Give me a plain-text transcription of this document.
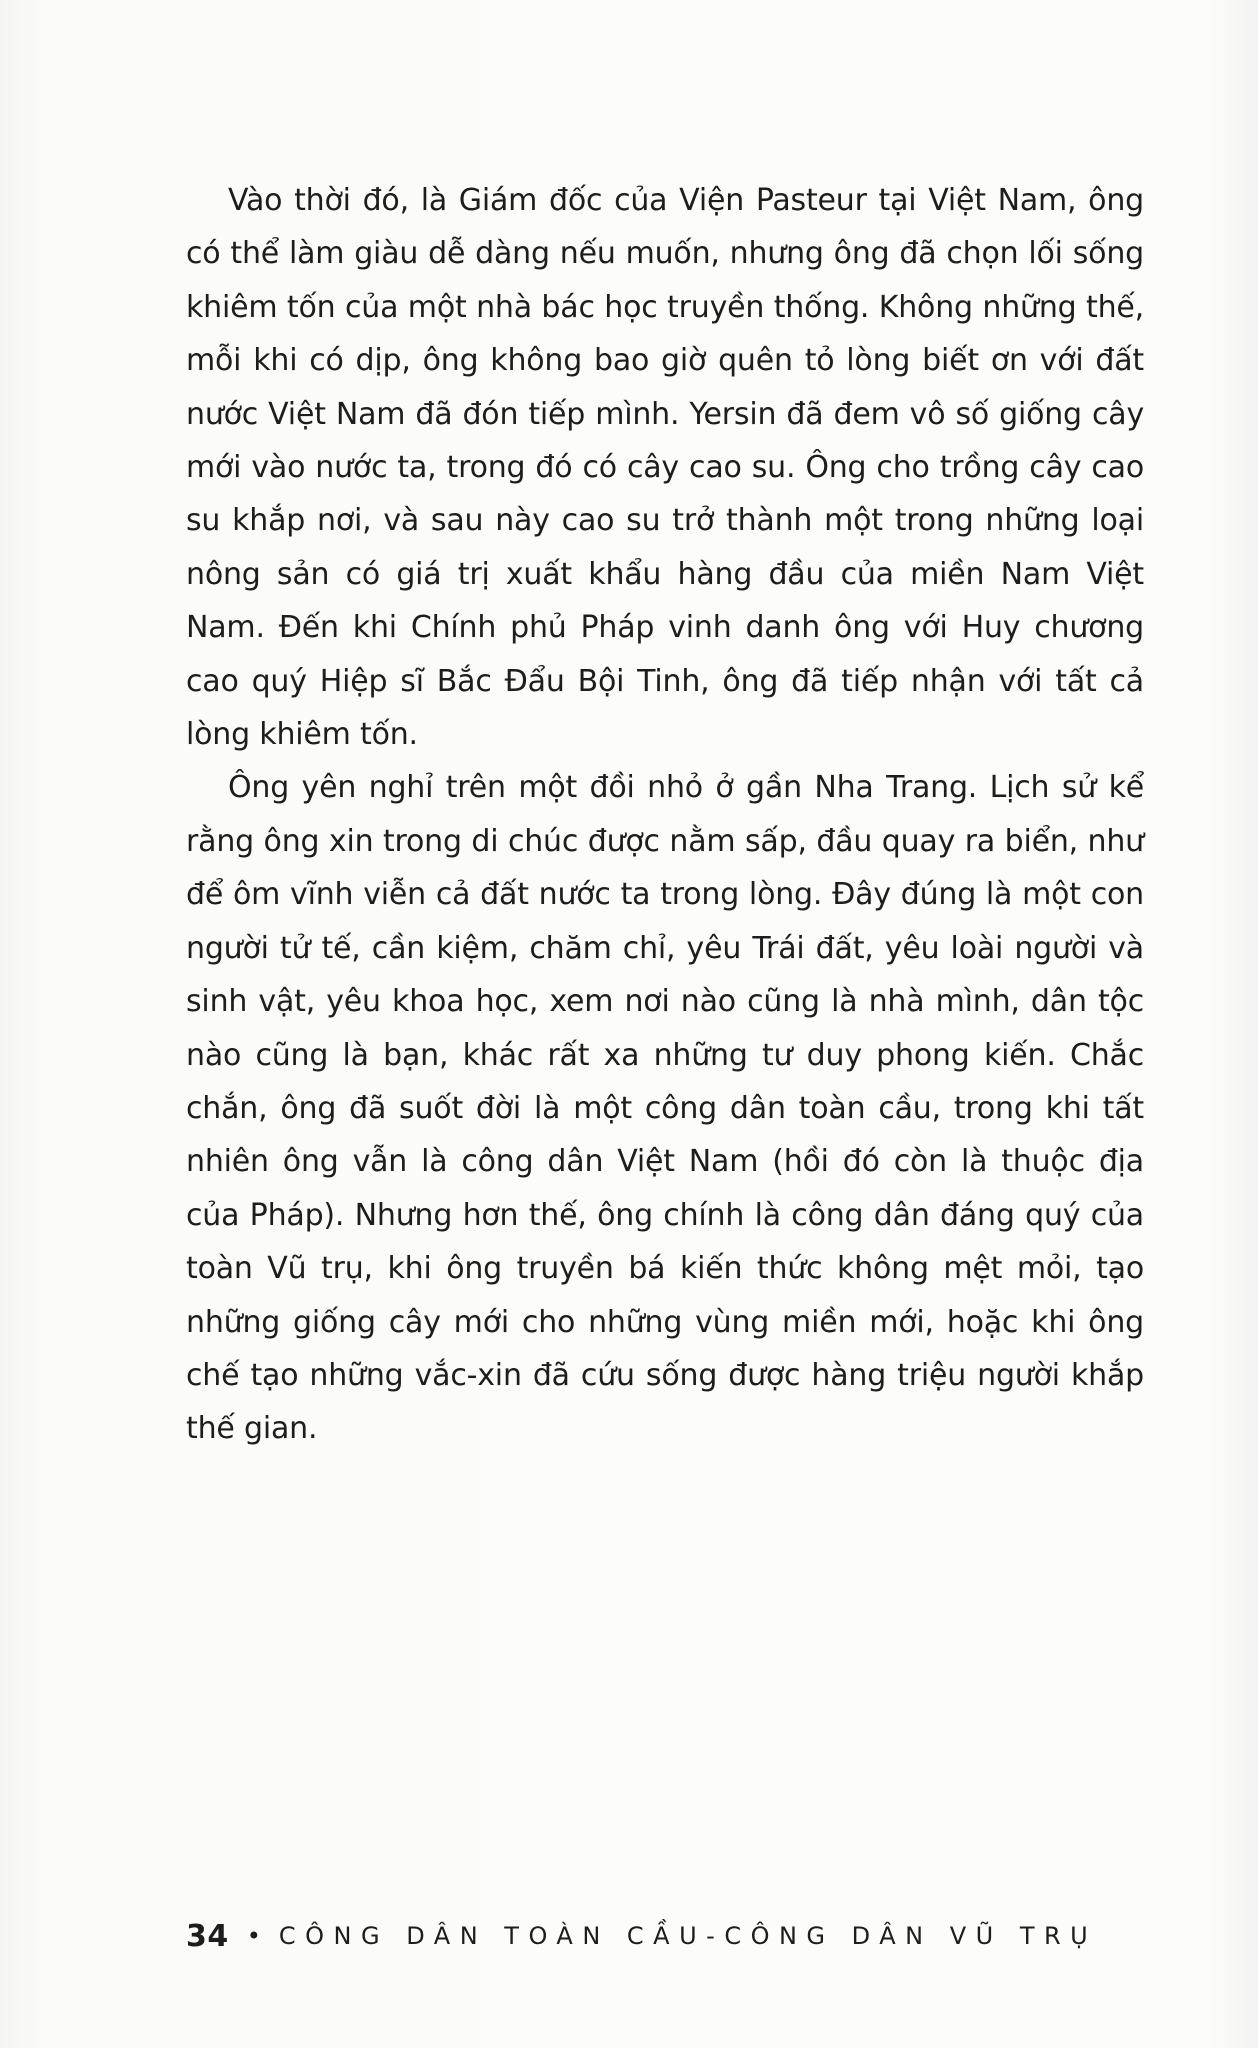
Vào thời đó, là Giám đốc của Viện Pasteur tại Việt Nam, ông có thể làm giàu dễ dàng nếu muốn, nhưng ông đã chọn lối sống khiêm tốn của một nhà bác học truyền thống. Không những thế, mỗi khi có dịp, ông không bao giờ quên tỏ lòng biết ơn với đất nước Việt Nam đã đón tiếp mình. Yersin đã đem vô số giống cây mới vào nước ta, trong đó có cây cao su. Ông cho trồng cây cao su khắp nơi, và sau này cao su trở thành một trong những loại nông sản có giá trị xuất khẩu hàng đầu của miền Nam Việt Nam. Đến khi Chính phủ Pháp vinh danh ông với Huy chương cao quý Hiệp sĩ Bắc Đẩu Bội Tinh, ông đã tiếp nhận với tất cả lòng khiêm tốn.

Ông yên nghỉ trên một đồi nhỏ ở gần Nha Trang. Lịch sử kể rằng ông xin trong di chúc được nằm sấp, đầu quay ra biển, như để ôm vĩnh viễn cả đất nước ta trong lòng. Đây đúng là một con người tử tế, cần kiệm, chăm chỉ, yêu Trái đất, yêu loài người và sinh vật, yêu khoa học, xem nơi nào cũng là nhà mình, dân tộc nào cũng là bạn, khác rất xa những tư duy phong kiến. Chắc chắn, ông đã suốt đời là một công dân toàn cầu, trong khi tất nhiên ông vẫn là công dân Việt Nam (hồi đó còn là thuộc địa của Pháp). Nhưng hơn thế, ông chính là công dân đáng quý của toàn Vũ trụ, khi ông truyền bá kiến thức không mệt mỏi, tạo những giống cây mới cho những vùng miền mới, hoặc khi ông chế tạo những vắc-xin đã cứu sống được hàng triệu người khắp thế gian.

34 • CÔNG DÂN TOÀN CẦU-CÔNG DÂN VŨ TRỤ
